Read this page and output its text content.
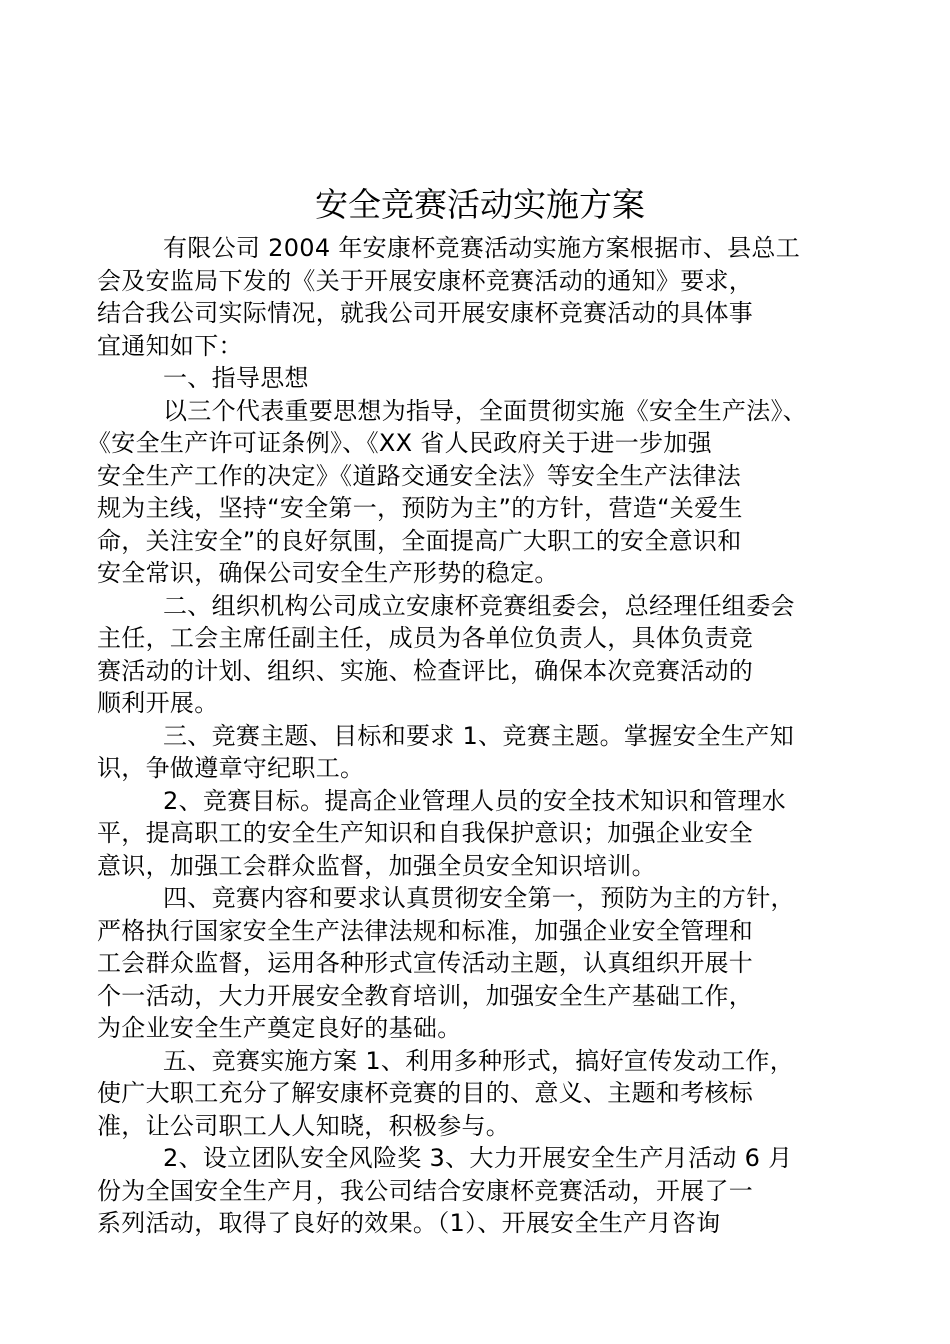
安全竞赛活动实施方案

有限公司 2004 年安康杯竞赛活动实施方案根据市、县总工
会及安监局下发的《关于开展安康杯竞赛活动的通知》要求，
结合我公司实际情况，就我公司开展安康杯竞赛活动的具体事
宜通知如下：

一、指导思想

以三个代表重要思想为指导，全面贯彻实施《安全生产法》、
《安全生产许可证条例》、《XX 省人民政府关于进一步加强
安全生产工作的决定》《道路交通安全法》等安全生产法律法
规为主线，坚持“安全第一，预防为主”的方针，营造“关爱生
命，关注安全”的良好氛围，全面提高广大职工的安全意识和
安全常识，确保公司安全生产形势的稳定。

二、组织机构公司成立安康杯竞赛组委会，总经理任组委会
主任，工会主席任副主任，成员为各单位负责人，具体负责竞
赛活动的计划、组织、实施、检查评比，确保本次竞赛活动的
顺利开展。

三、竞赛主题、目标和要求 1、竞赛主题。掌握安全生产知
识，争做遵章守纪职工。

2、竞赛目标。提高企业管理人员的安全技术知识和管理水
平，提高职工的安全生产知识和自我保护意识；加强企业安全
意识，加强工会群众监督，加强全员安全知识培训。

四、竞赛内容和要求认真贯彻安全第一，预防为主的方针，
严格执行国家安全生产法律法规和标准，加强企业安全管理和
工会群众监督，运用各种形式宣传活动主题，认真组织开展十
个一活动，大力开展安全教育培训，加强安全生产基础工作，
为企业安全生产奠定良好的基础。

五、竞赛实施方案 1、利用多种形式，搞好宣传发动工作，
使广大职工充分了解安康杯竞赛的目的、意义、主题和考核标
准，让公司职工人人知晓，积极参与。

2、设立团队安全风险奖 3、大力开展安全生产月活动 6 月
份为全国安全生产月，我公司结合安康杯竞赛活动，开展了一
系列活动，取得了良好的效果。（1）、开展安全生产月咨询
